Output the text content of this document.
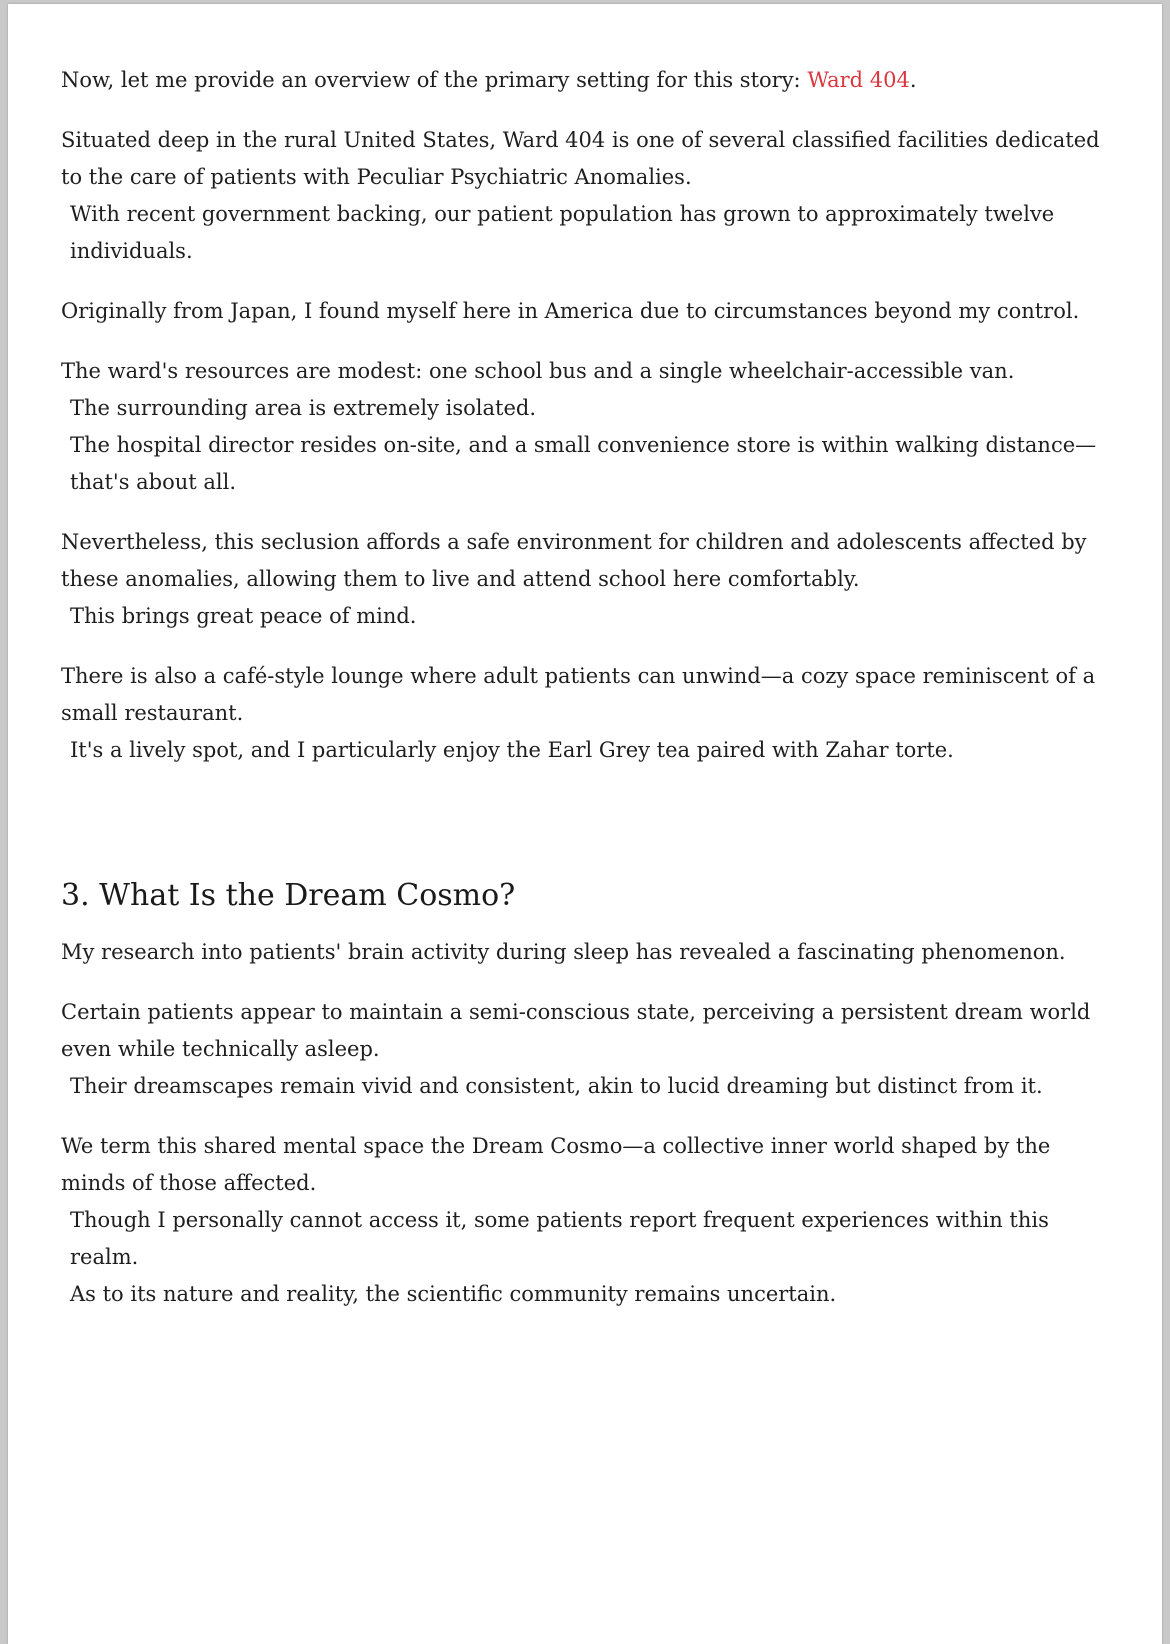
Now, let me provide an overview of the primary setting for this story: Ward 404.

Situated deep in the rural United States, Ward 404 is one of several classified facilities dedicated to the care of patients with Peculiar Psychiatric Anomalies.
With recent government backing, our patient population has grown to approximately twelve individuals.

Originally from Japan, I found myself here in America due to circumstances beyond my control.

The ward's resources are modest: one school bus and a single wheelchair-accessible van.
The surrounding area is extremely isolated.
The hospital director resides on-site, and a small convenience store is within walking distance—that's about all.

Nevertheless, this seclusion affords a safe environment for children and adolescents affected by these anomalies, allowing them to live and attend school here comfortably.
This brings great peace of mind.

There is also a café-style lounge where adult patients can unwind—a cozy space reminiscent of a small restaurant.
It's a lively spot, and I particularly enjoy the Earl Grey tea paired with Zahar torte.

3. What Is the Dream Cosmo?

My research into patients' brain activity during sleep has revealed a fascinating phenomenon.

Certain patients appear to maintain a semi-conscious state, perceiving a persistent dream world even while technically asleep.
Their dreamscapes remain vivid and consistent, akin to lucid dreaming but distinct from it.

We term this shared mental space the Dream Cosmo—a collective inner world shaped by the minds of those affected.
Though I personally cannot access it, some patients report frequent experiences within this realm.
As to its nature and reality, the scientific community remains uncertain.
